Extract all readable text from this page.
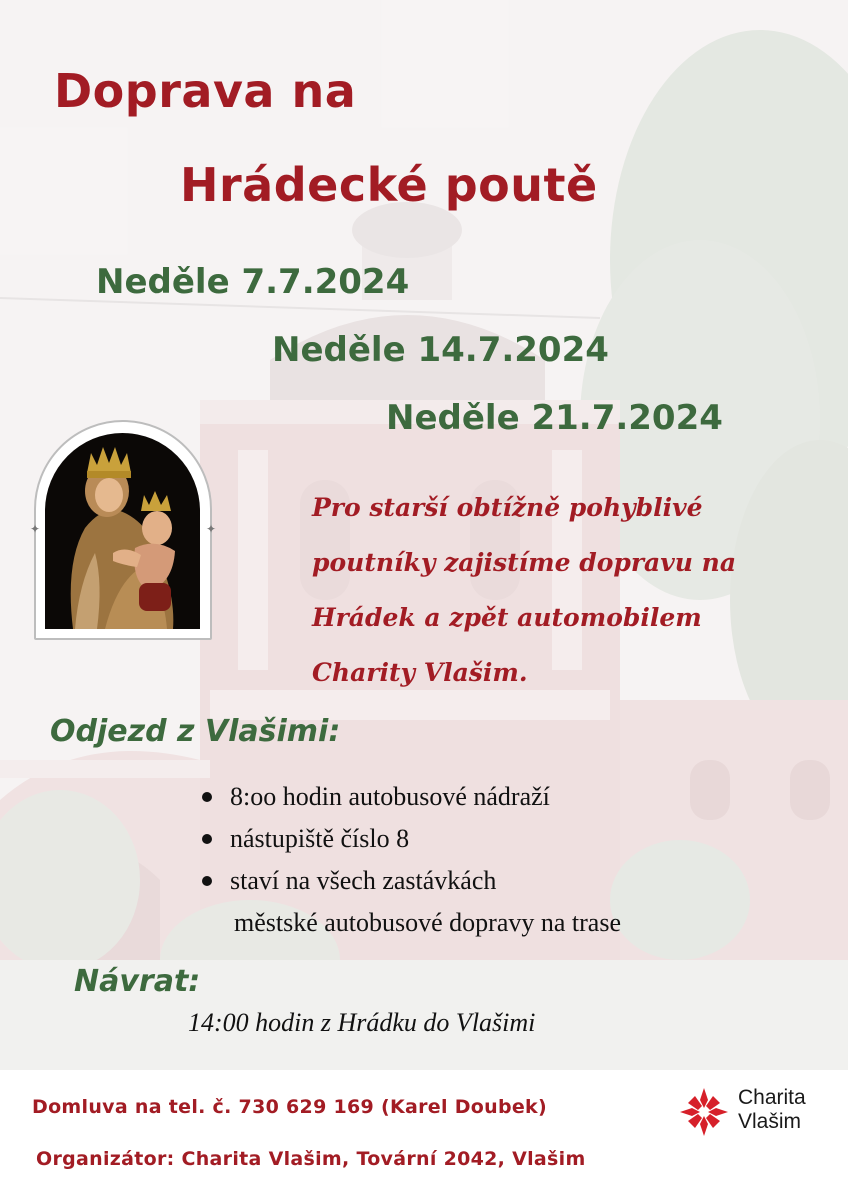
Doprava na
Hrádecké poutě

Neděle 7.7.2024

Neděle 14.7.2024

Neděle 21.7.2024

✦	✦

Pro starší obtížně pohyblivé
poutníky zajistíme dopravu na
Hrádek a zpět automobilem
Charity Vlašim.

Odjezd z Vlašimi:
8:oo hodin autobusové nádraží
nástupiště číslo 8
staví na všech zastávkách

městské autobusové dopravy na trase

Návrat:

14:00 hodin z Hrádku do Vlašimi

Domluva na tel. č. 730 629 169 (Karel Doubek)

Organizátor: Charita Vlašim, Tovární 2042, Vlašim

Charita
Vlašim
